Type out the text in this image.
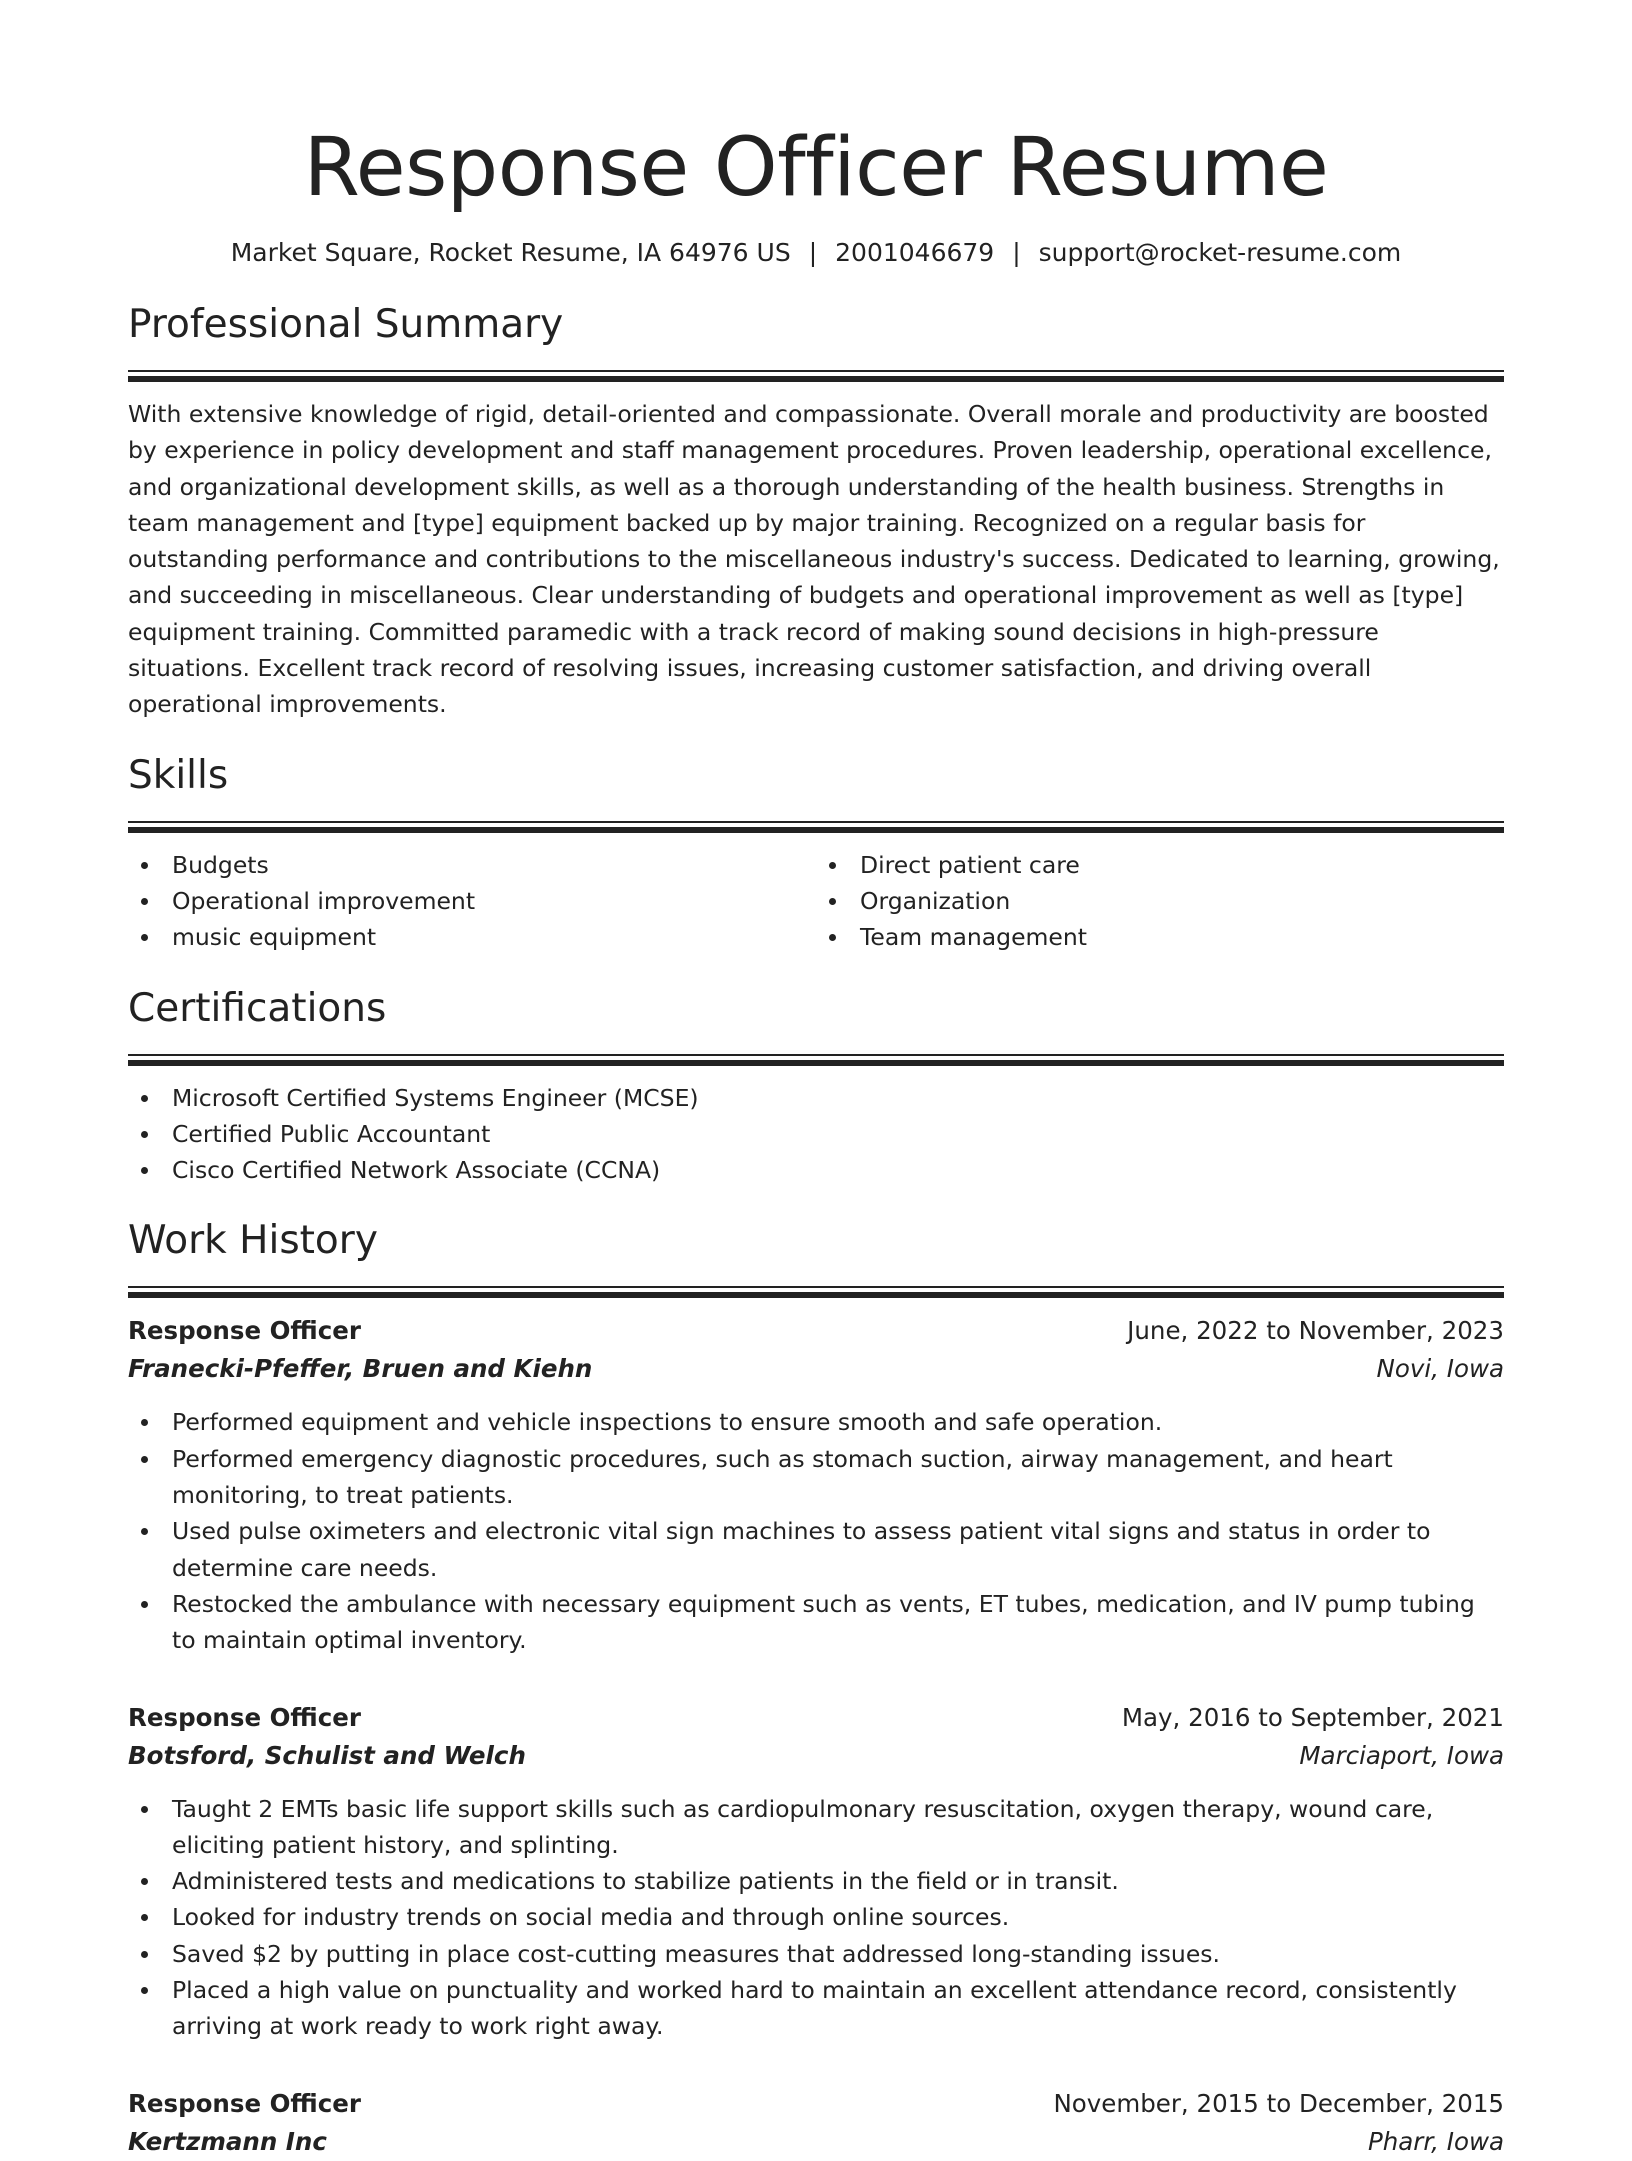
Response Officer Resume
Market Square, Rocket Resume, IA 64976 US | 2001046679 | support@rocket-resume.com
Professional Summary

With extensive knowledge of rigid, detail-oriented and compassionate. Overall morale and productivity are boosted by experience in policy development and staff management procedures. Proven leadership, operational excellence, and organizational development skills, as well as a thorough understanding of the health business. Strengths in team management and [type] equipment backed up by major training. Recognized on a regular basis for outstanding performance and contributions to the miscellaneous industry's success. Dedicated to learning, growing, and succeeding in miscellaneous. Clear understanding of budgets and operational improvement as well as [type] equipment training. Committed paramedic with a track record of making sound decisions in high-pressure situations. Excellent track record of resolving issues, increasing customer satisfaction, and driving overall operational improvements.

Skills
Budgets
Operational improvement
music equipment
Direct patient care
Organization
Team management
Certifications
Microsoft Certified Systems Engineer (MCSE)
Certified Public Accountant
Cisco Certified Network Associate (CCNA)
Work History
Response Officer	June, 2022 to November, 2023
Franecki-Pfeffer, Bruen and Kiehn	Novi, Iowa
Performed equipment and vehicle inspections to ensure smooth and safe operation.
Performed emergency diagnostic procedures, such as stomach suction, airway management, and heart monitoring, to treat patients.
Used pulse oximeters and electronic vital sign machines to assess patient vital signs and status in order to determine care needs.
Restocked the ambulance with necessary equipment such as vents, ET tubes, medication, and IV pump tubing to maintain optimal inventory.
Response Officer	May, 2016 to September, 2021
Botsford, Schulist and Welch	Marciaport, Iowa
Taught 2 EMTs basic life support skills such as cardiopulmonary resuscitation, oxygen therapy, wound care, eliciting patient history, and splinting.
Administered tests and medications to stabilize patients in the field or in transit.
Looked for industry trends on social media and through online sources.
Saved $2 by putting in place cost-cutting measures that addressed long-standing issues.
Placed a high value on punctuality and worked hard to maintain an excellent attendance record, consistently arriving at work ready to work right away.
Response Officer	November, 2015 to December, 2015
Kertzmann Inc	Pharr, Iowa
